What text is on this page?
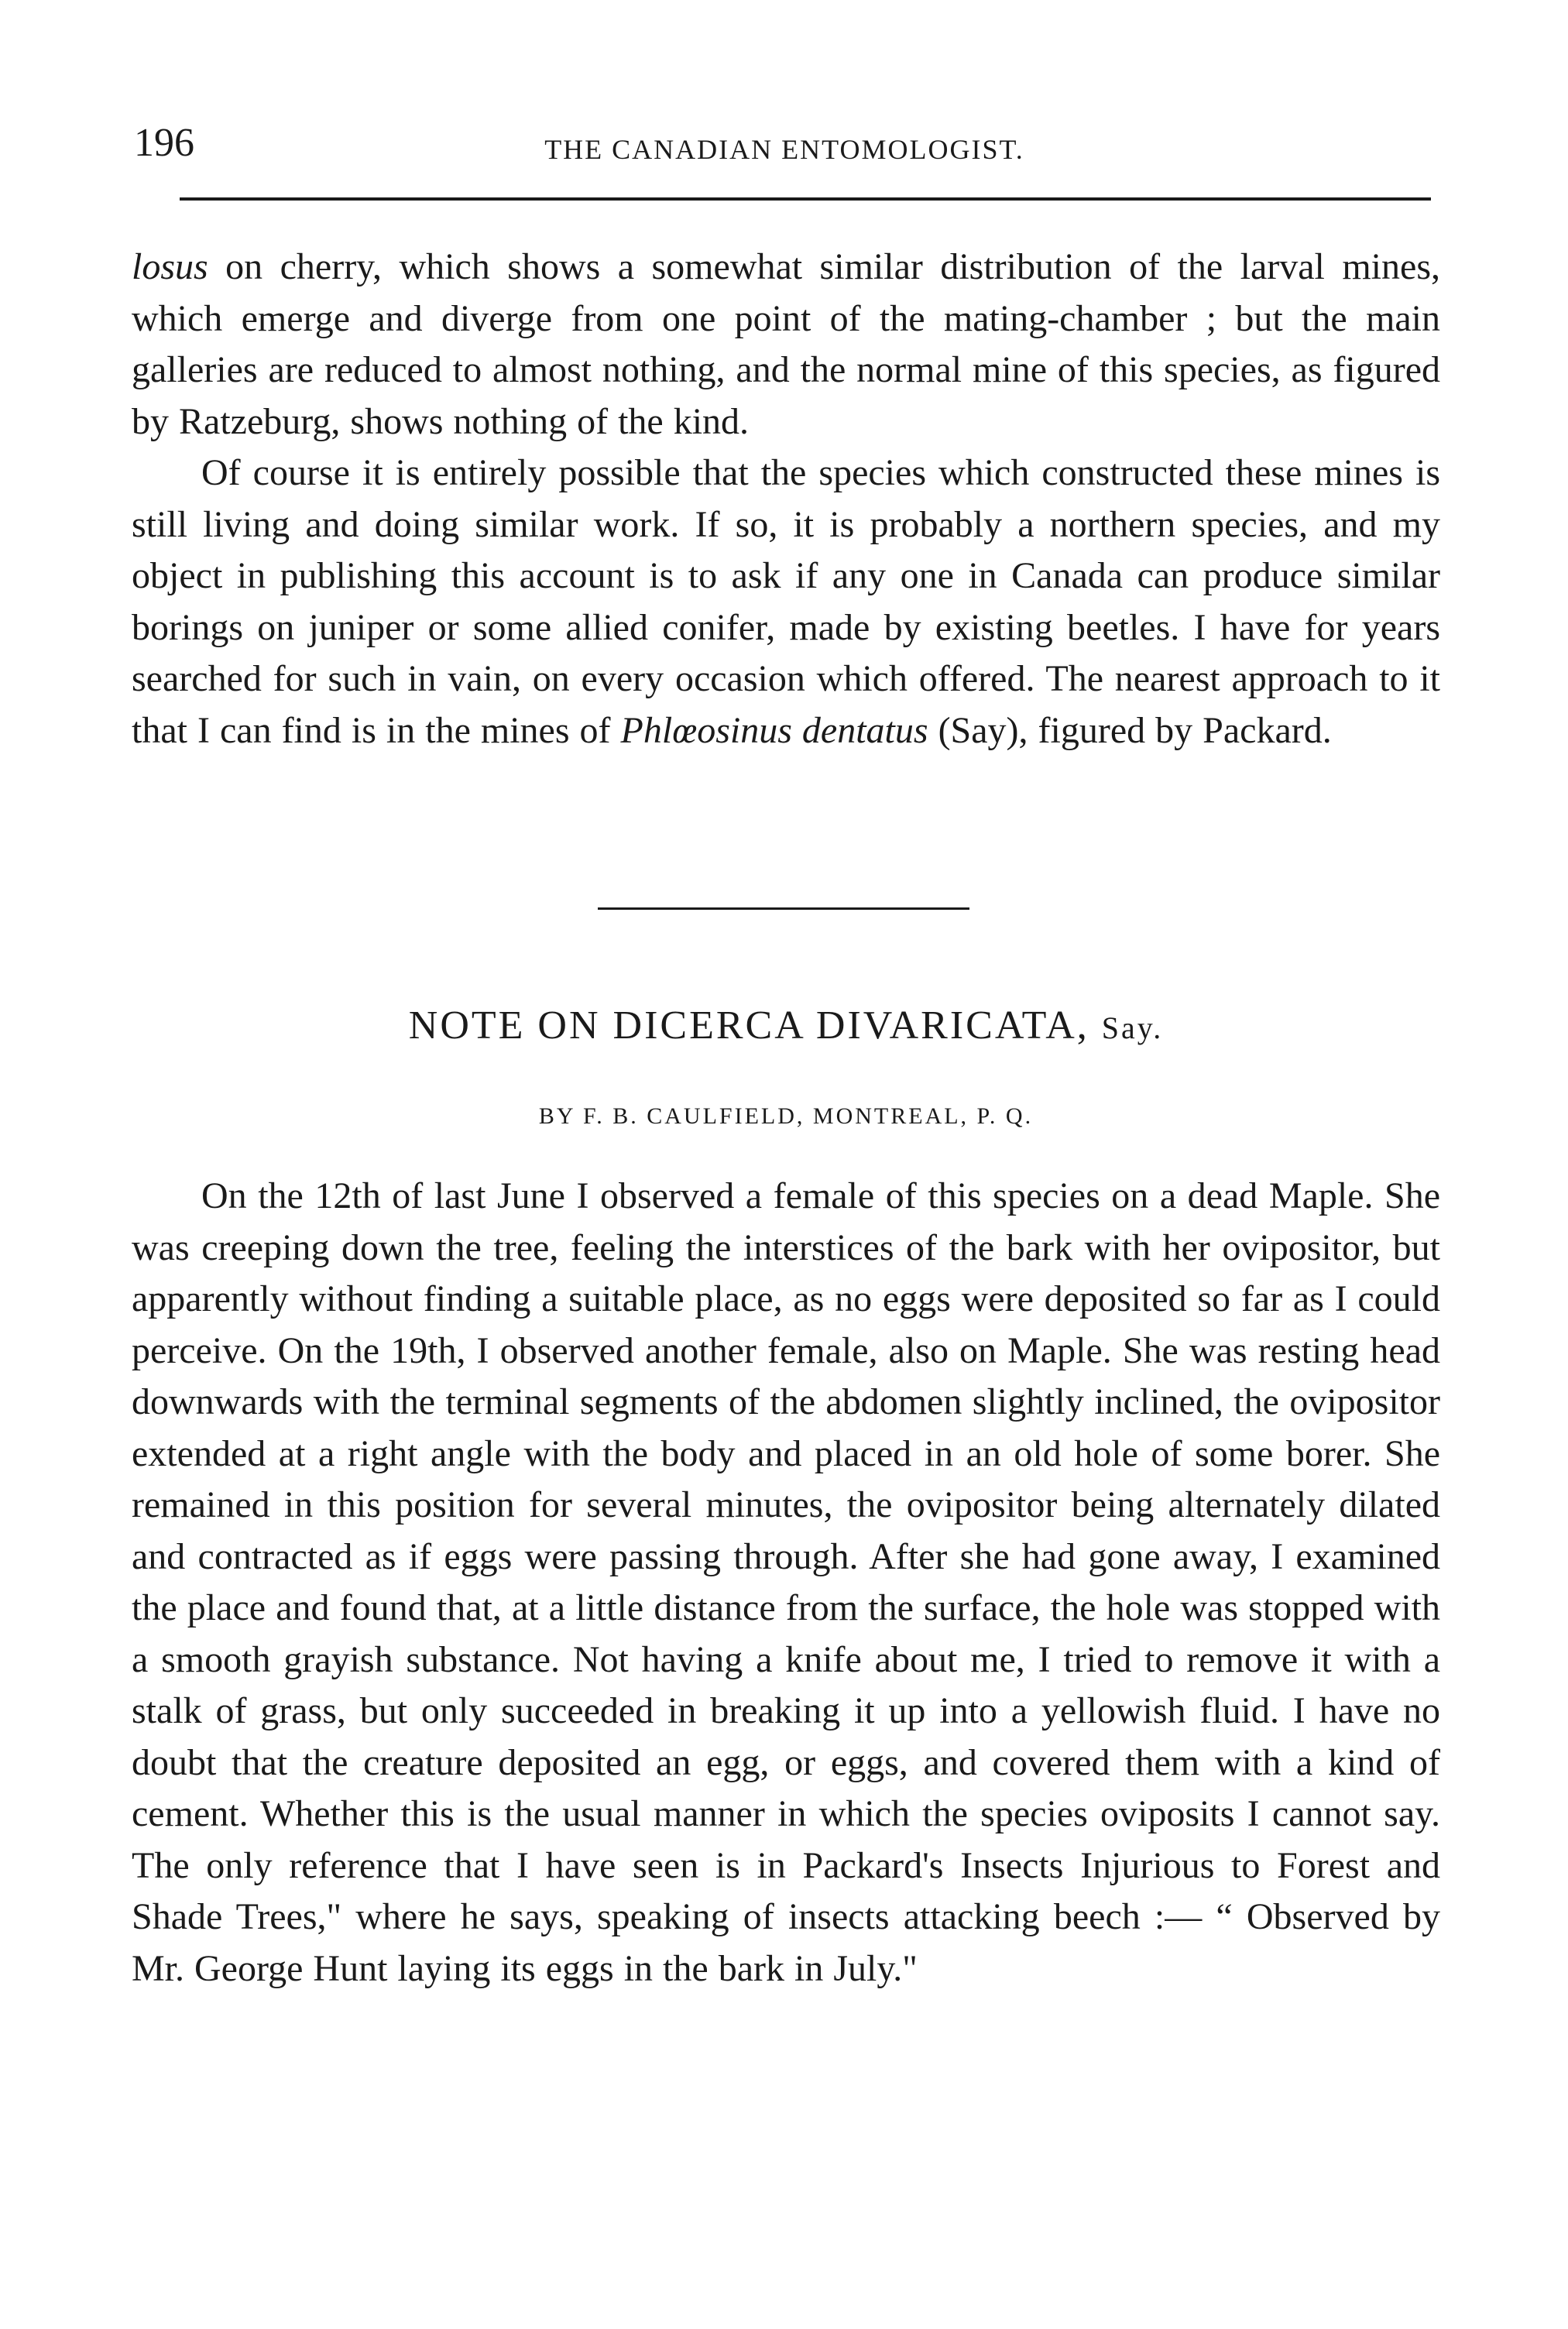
196	THE CANADIAN ENTOMOLOGIST.

losus on cherry, which shows a somewhat similar distribution of the larval mines, which emerge and diverge from one point of the mating-chamber ; but the main galleries are reduced to almost nothing, and the normal mine of this species, as figured by Ratzeburg, shows nothing of the kind.

Of course it is entirely possible that the species which constructed these mines is still living and doing similar work. If so, it is probably a northern species, and my object in publishing this account is to ask if any one in Canada can produce similar borings on juniper or some allied conifer, made by existing beetles. I have for years searched for such in vain, on every occasion which offered. The nearest approach to it that I can find is in the mines of Phlœosinus dentatus (Say), figured by Packard.

NOTE ON DICERCA DIVARICATA, Say.

BY F. B. CAULFIELD, MONTREAL, P. Q.

On the 12th of last June I observed a female of this species on a dead Maple. She was creeping down the tree, feeling the interstices of the bark with her ovipositor, but apparently without finding a suitable place, as no eggs were deposited so far as I could perceive. On the 19th, I observed another female, also on Maple. She was resting head downwards with the terminal segments of the abdomen slightly inclined, the ovipositor extended at a right angle with the body and placed in an old hole of some borer. She remained in this position for several minutes, the ovipositor being alternately dilated and contracted as if eggs were passing through. After she had gone away, I examined the place and found that, at a little distance from the surface, the hole was stopped with a smooth grayish substance. Not having a knife about me, I tried to remove it with a stalk of grass, but only succeeded in breaking it up into a yellowish fluid. I have no doubt that the creature deposited an egg, or eggs, and covered them with a kind of cement. Whether this is the usual manner in which the species oviposits I cannot say. The only reference that I have seen is in Packard's Insects Injurious to Forest and Shade Trees," where he says, speaking of insects attacking beech :— “ Observed by Mr. George Hunt laying its eggs in the bark in July."
